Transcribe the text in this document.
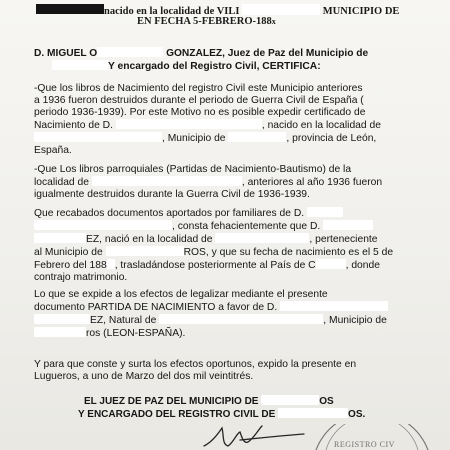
nacido en la localidad de VILI	MUNICIPIO DE
EN FECHA 5-FEBRERO-188x
D. MIGUEL O	GONZALEZ, Juez de Paz del Municipio de
Y encargado del Registro Civil, CERTIFICA:
-Que los libros de Nacimiento del registro Civil este Municipio anteriores
a 1936 fueron destruidos durante el periodo de Guerra Civil de España (
periodo 1936-1939). Por este Motivo no es posible expedir certificado de
Nacimiento de D.	, nacido en la localidad de
, Municipio de	, provincia de León,
España.
-Que Los libros parroquiales (Partidas de Nacimiento-Bautismo) de la
localidad de	, anteriores al año 1936 fueron
igualmente destruidos durante la Guerra Civil de 1936-1939.
Que recabados documentos aportados por familiares de D.
, consta fehacientemente que D.
EZ, nació en la localidad de	, perteneciente
al Municipio de	ROS, y que su fecha de nacimiento es el 5 de
Febrero del 188 , trasladándose posteriormente al País de C	, donde
contrajo matrimonio.
Lo que se expide a los efectos de legalizar mediante el presente
documento PARTIDA DE NACIMIENTO a favor de D.
EZ, Natural de	, Municipio de
ros (LEON-ESPAÑA).
Y para que conste y surta los efectos oportunos, expido la presente en
Lugueros, a uno de Marzo del dos mil veintitrés.
EL JUEZ DE PAZ DEL MUNICIPIO DE	OS
Y ENCARGADO DEL REGISTRO CIVIL DE	OS.
REGISTRO CIV
